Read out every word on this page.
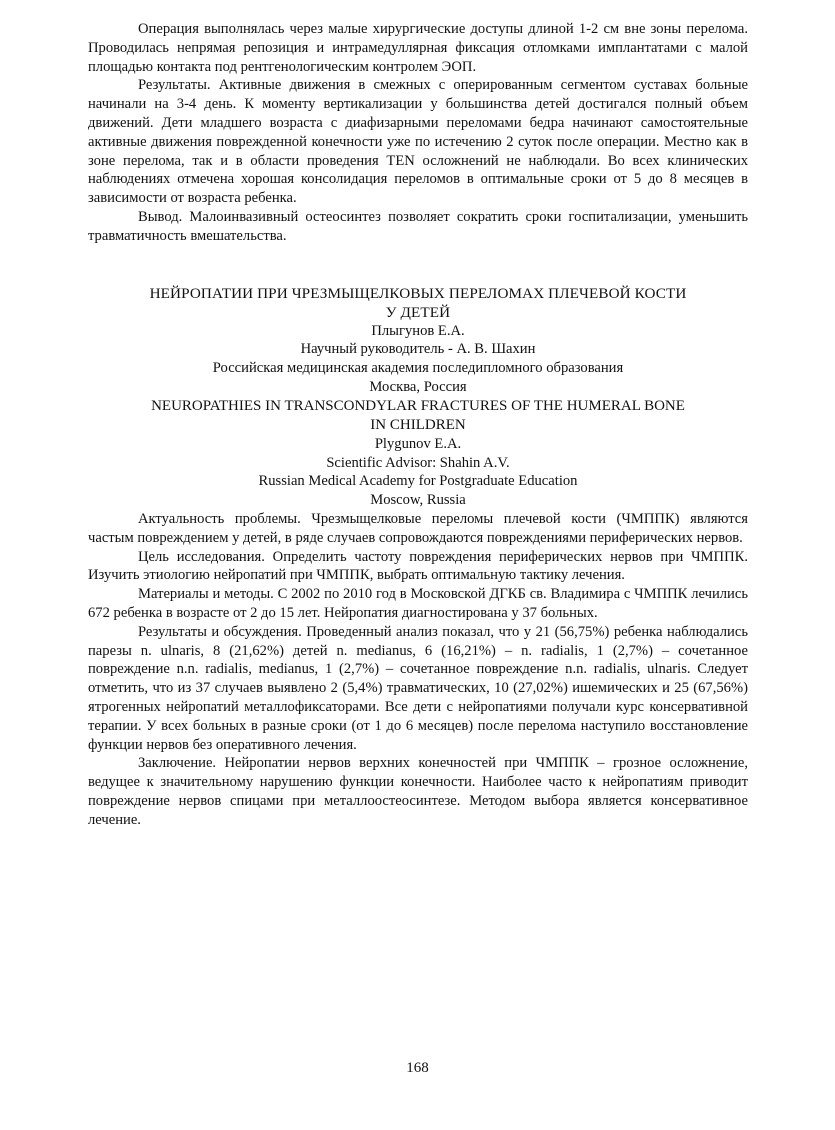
Операция выполнялась через малые хирургические доступы длиной 1-2 см вне зоны перелома. Проводилась непрямая репозиция и интрамедуллярная фиксация отломками имплантатами с малой площадью контакта под рентгенологическим контролем ЭОП.

Результаты. Активные движения в смежных с оперированным сегментом суставах больные начинали на 3-4 день. К моменту вертикализации у большинства детей достигался полный объем движений. Дети младшего возраста с диафизарными переломами бедра начинают самостоятельные активные движения поврежденной конечности уже по истечению 2 суток после операции. Местно как в зоне перелома, так и в области проведения TEN осложнений не наблюдали. Во всех клинических наблюдениях отмечена хорошая консолидация переломов в оптимальные сроки от 5 до 8 месяцев в зависимости от возраста ребенка.

Вывод. Малоинвазивный остеосинтез позволяет сократить сроки госпитализации, уменьшить травматичность вмешательства.

НЕЙРОПАТИИ ПРИ ЧРЕЗМЫЩЕЛКОВЫХ ПЕРЕЛОМАХ ПЛЕЧЕВОЙ КОСТИ
У ДЕТЕЙ
Плыгунов Е.А.
Научный руководитель - А. В. Шахин
Российская медицинская академия последипломного образования
Москва, Россия
NEUROPATHIES IN TRANSCONDYLAR FRACTURES OF THE HUMERAL BONE
IN CHILDREN
Plygunov E.A.
Scientific Advisor: Shahin A.V.
Russian Medical Academy for Postgraduate Education
Moscow, Russia

Актуальность проблемы. Чрезмыщелковые переломы плечевой кости (ЧМППК) являются частым повреждением у детей, в ряде случаев сопровождаются повреждениями периферических нервов.

Цель исследования. Определить частоту повреждения периферических нервов при ЧМППК. Изучить этиологию нейропатий при ЧМППК, выбрать оптимальную тактику лечения.

Материалы и методы. С 2002 по 2010 год в Московской ДГКБ св. Владимира с ЧМППК лечились 672 ребенка в возрасте от 2 до 15 лет. Нейропатия диагностирована у 37 больных.

Результаты и обсуждения. Проведенный анализ показал, что у 21 (56,75%) ребенка наблюдались парезы n. ulnaris, 8 (21,62%) детей n. medianus, 6 (16,21%) – n. radialis, 1 (2,7%) – сочетанное повреждение n.n. radialis, medianus, 1 (2,7%) – сочетанное повреждение n.n. radialis, ulnaris. Следует отметить, что из 37 случаев выявлено 2 (5,4%) травматических, 10 (27,02%) ишемических и 25 (67,56%) ятрогенных нейропатий металлофиксаторами. Все дети с нейропатиями получали курс консервативной терапии. У всех больных в разные сроки (от 1 до 6 месяцев) после перелома наступило восстановление функции нервов без оперативного лечения.

Заключение. Нейропатии нервов верхних конечностей при ЧМППК – грозное осложнение, ведущее к значительному нарушению функции конечности. Наиболее часто к нейропатиям приводит повреждение нервов спицами при металлоостеосинтезе. Методом выбора является консервативное лечение.

168
